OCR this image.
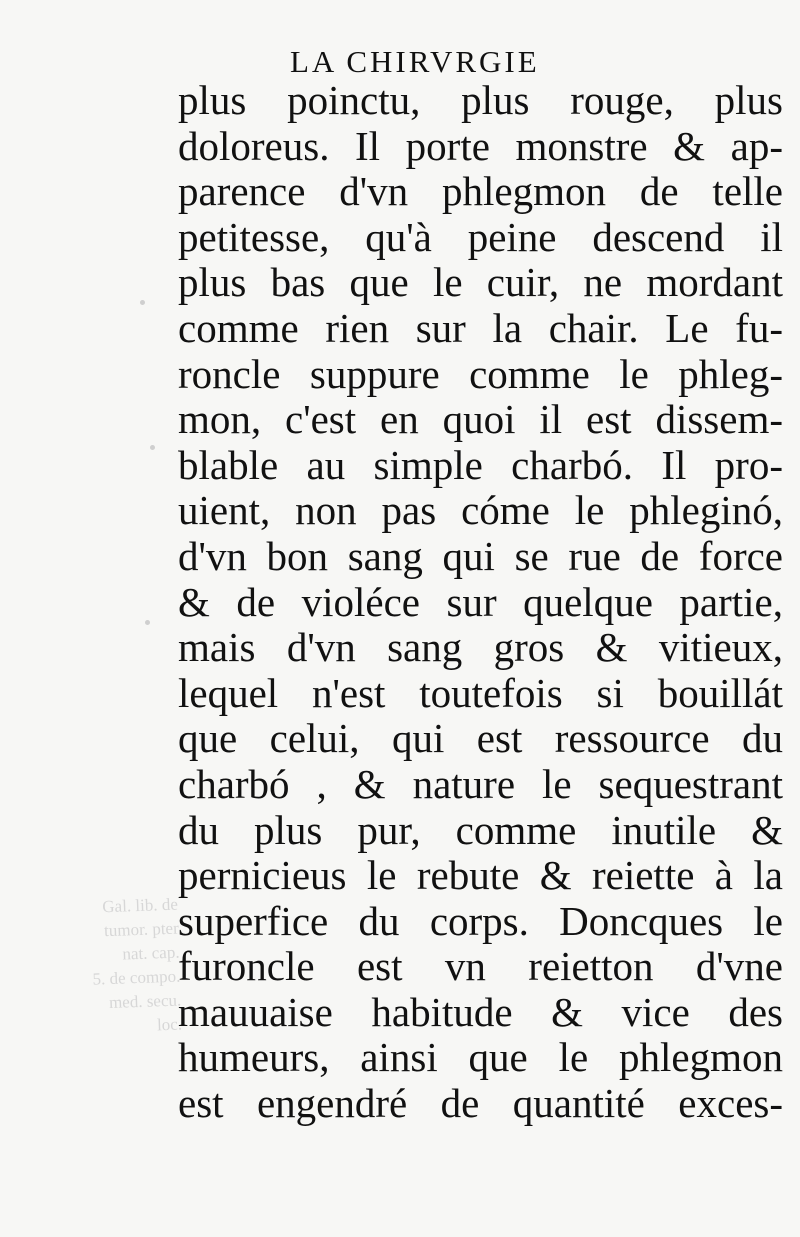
LA CHIRVRGIE
Gal. lib. de
tumor. pter
nat. cap.
5. de compo.
med. secu.
loc.
plus poinctu, plus rouge, plus
doloreus. Il porte monstre & ap-
parence d'vn phlegmon de telle
petitesse, qu'à peine descend il
plus bas que le cuir, ne mordant
comme rien sur la chair. Le fu-
roncle suppure comme le phleg-
mon, c'est en quoi il est dissem-
blable au simple charbó. Il pro-
uient, non pas cóme le phleginó,
d'vn bon sang qui se rue de force
& de violéce sur quelque partie,
mais d'vn sang gros & vitieux,
lequel n'est toutefois si bouillát
que celui, qui est ressource du
charbó , & nature le sequestrant
du plus pur, comme inutile &
pernicieus le rebute & reiette à la
superfice du corps. Doncques le
furoncle est vn reietton d'vne
mauuaise habitude & vice des
humeurs, ainsi que le phlegmon
est engendré de quantité exces-
